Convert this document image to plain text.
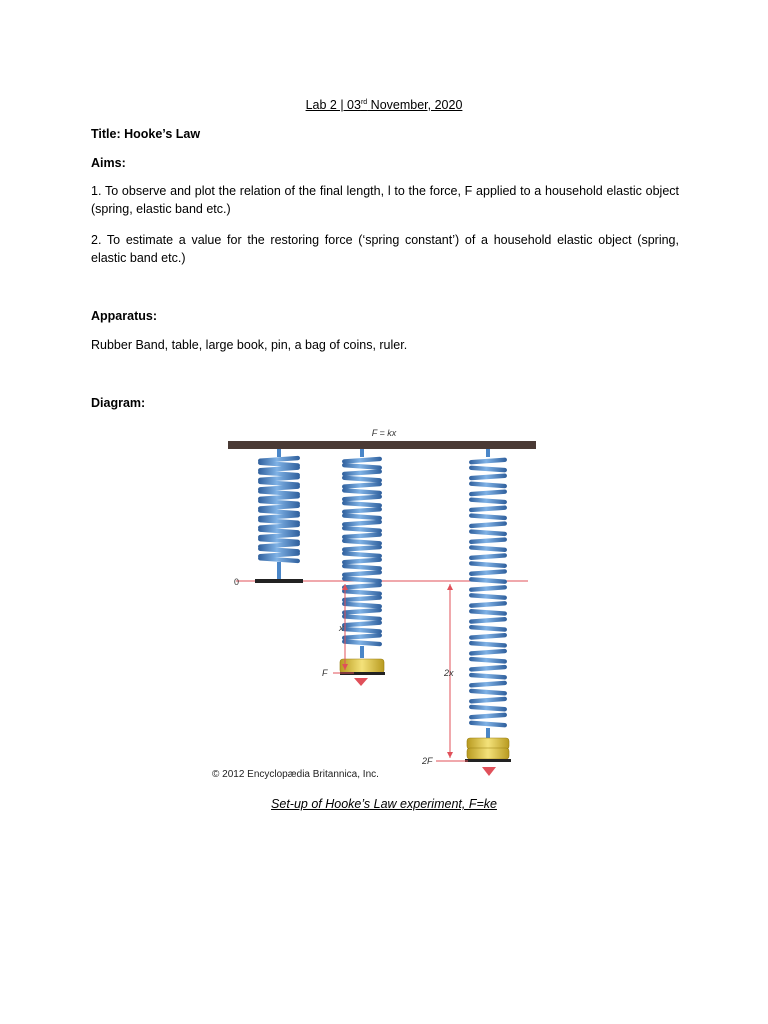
Lab 2 | 03rd November, 2020
Title: Hooke’s Law
Aims:
1. To observe and plot the relation of the final length, l to the force, F applied to a household elastic object (spring, elastic band etc.)
2. To estimate a value for the restoring force (‘spring constant’) of a household elastic object (spring, elastic band etc.)
Apparatus:
Rubber Band, table, large book, pin, a bag of coins, ruler.
Diagram:
F = kx
0
x
F	2x
2F
© 2012 Encyclopædia Britannica, Inc.
Set-up of Hooke’s Law experiment, F=ke
